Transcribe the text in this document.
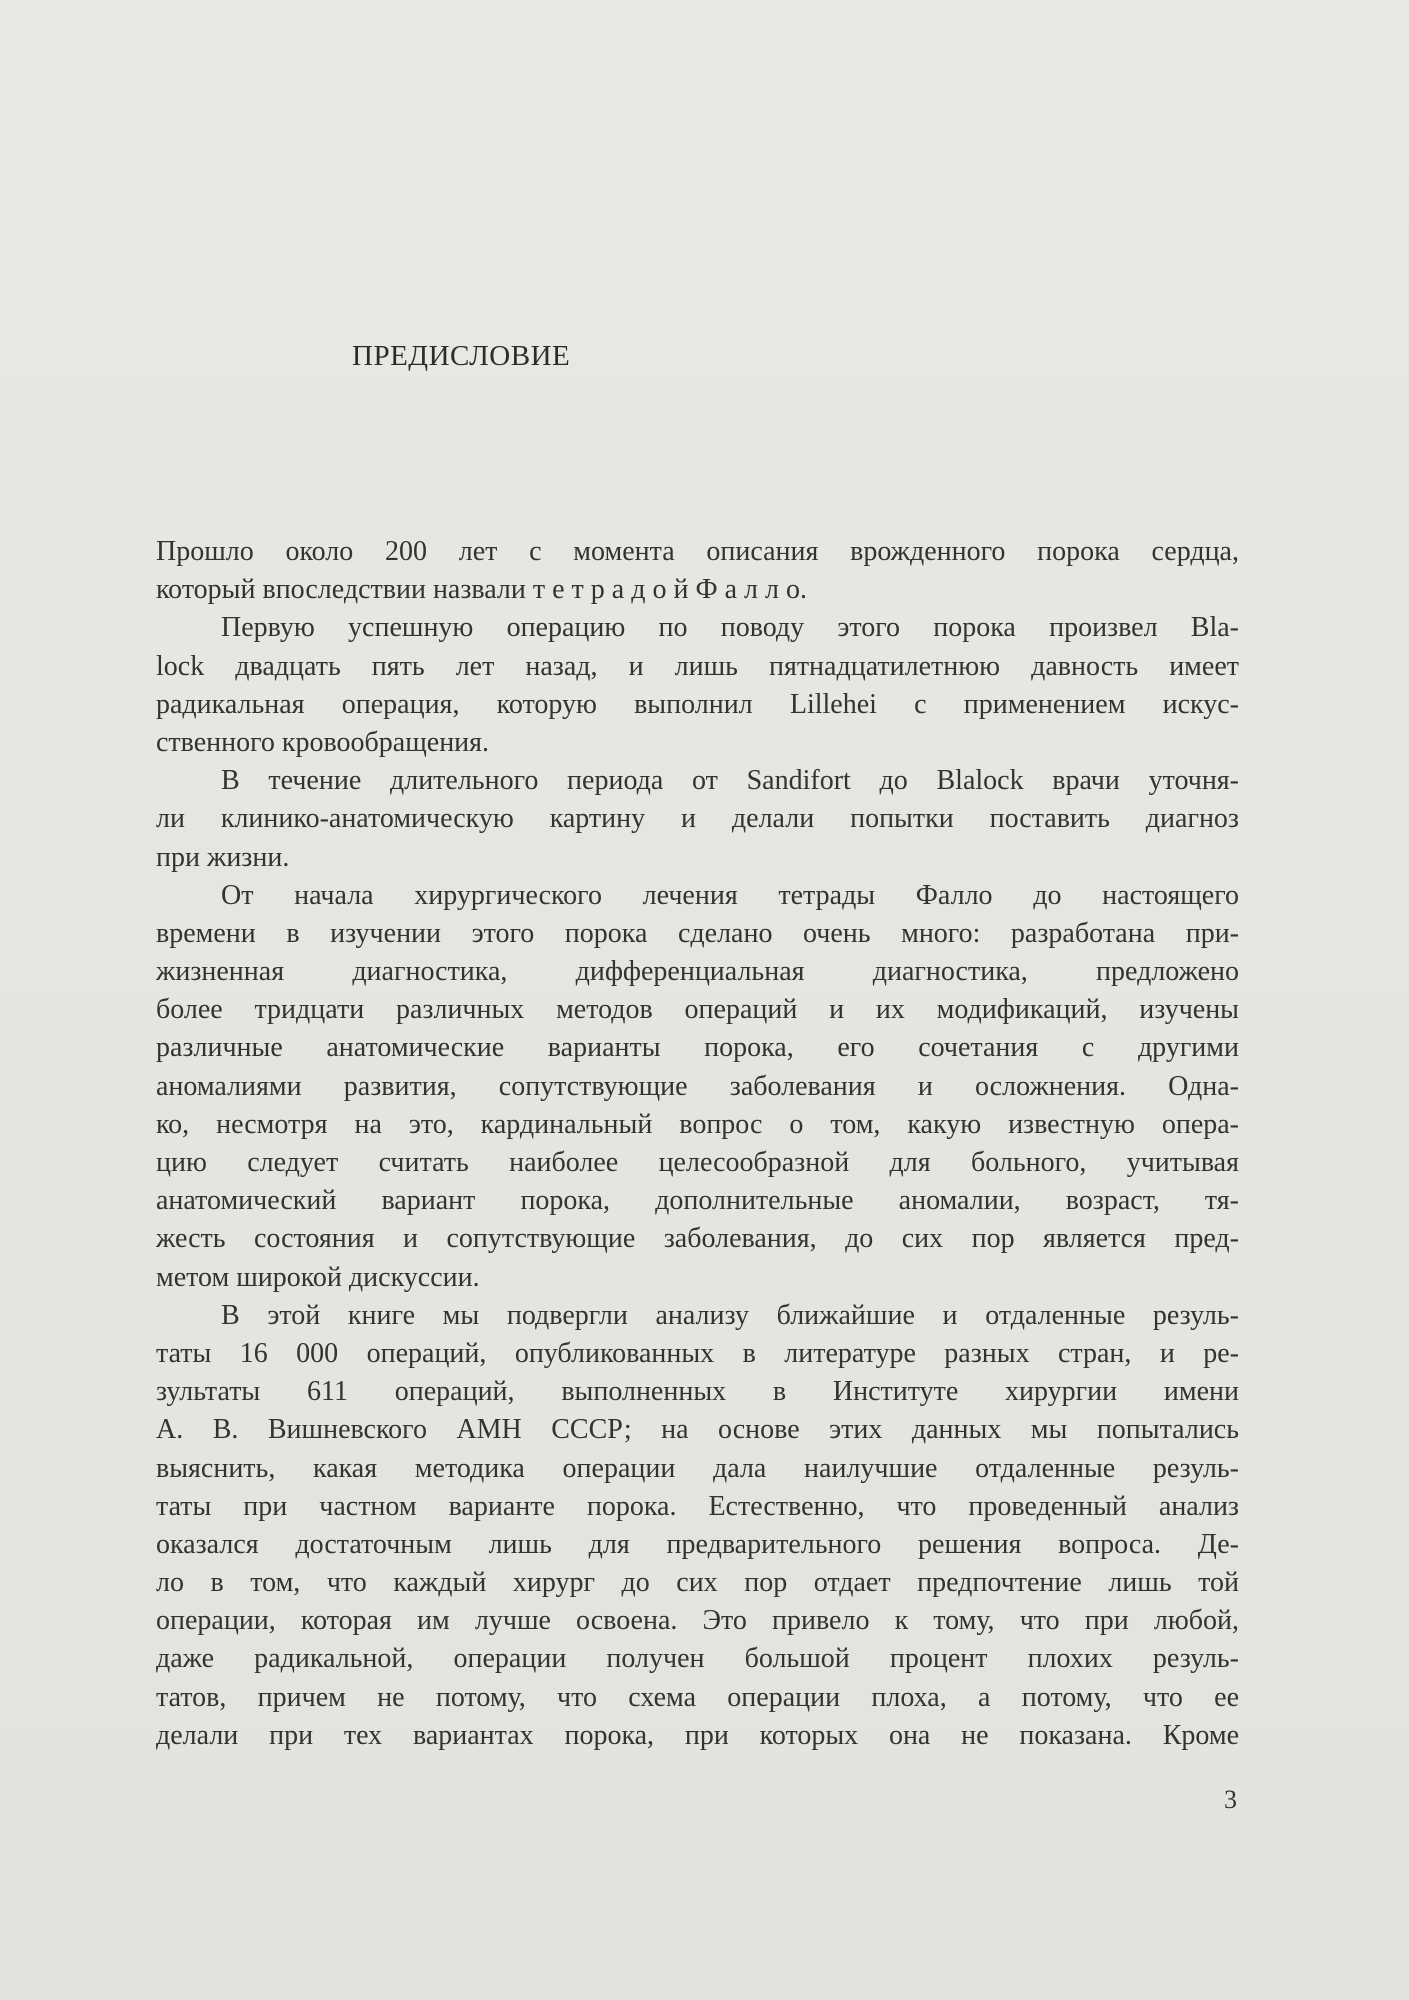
ПРЕДИСЛОВИЕ
Прошло около 200 лет с момента описания врожденного порока сердца,
который впоследствии назвали т е т р а д о й Ф а л л о.
Первую успешную операцию по поводу этого порока произвел Bla-
lock двадцать пять лет назад, и лишь пятнадцатилетнюю давность имеет
радикальная операция, которую выполнил Lillehei с применением искус-
ственного кровообращения.
В течение длительного периода от Sandifort до Blalock врачи уточня-
ли клинико-анатомическую картину и делали попытки поставить диагноз
при жизни.
От начала хирургического лечения тетрады Фалло до настоящего
времени в изучении этого порока сделано очень много: разработана при-
жизненная диагностика, дифференциальная диагностика, предложено
более тридцати различных методов операций и их модификаций, изучены
различные анатомические варианты порока, его сочетания с другими
аномалиями развития, сопутствующие заболевания и осложнения. Одна-
ко, несмотря на это, кардинальный вопрос о том, какую известную опера-
цию следует считать наиболее целесообразной для больного, учитывая
анатомический вариант порока, дополнительные аномалии, возраст, тя-
жесть состояния и сопутствующие заболевания, до сих пор является пред-
метом широкой дискуссии.
В этой книге мы подвергли анализу ближайшие и отдаленные резуль-
таты 16 000 операций, опубликованных в литературе разных стран, и ре-
зультаты 611 операций, выполненных в Институте хирургии имени
А. В. Вишневского АМН СССР; на основе этих данных мы попытались
выяснить, какая методика операции дала наилучшие отдаленные резуль-
таты при частном варианте порока. Естественно, что проведенный анализ
оказался достаточным лишь для предварительного решения вопроса. Де-
ло в том, что каждый хирург до сих пор отдает предпочтение лишь той
операции, которая им лучше освоена. Это привело к тому, что при любой,
даже радикальной, операции получен большой процент плохих резуль-
татов, причем не потому, что схема операции плоха, а потому, что ее
делали при тех вариантах порока, при которых она не показана. Кроме
3
